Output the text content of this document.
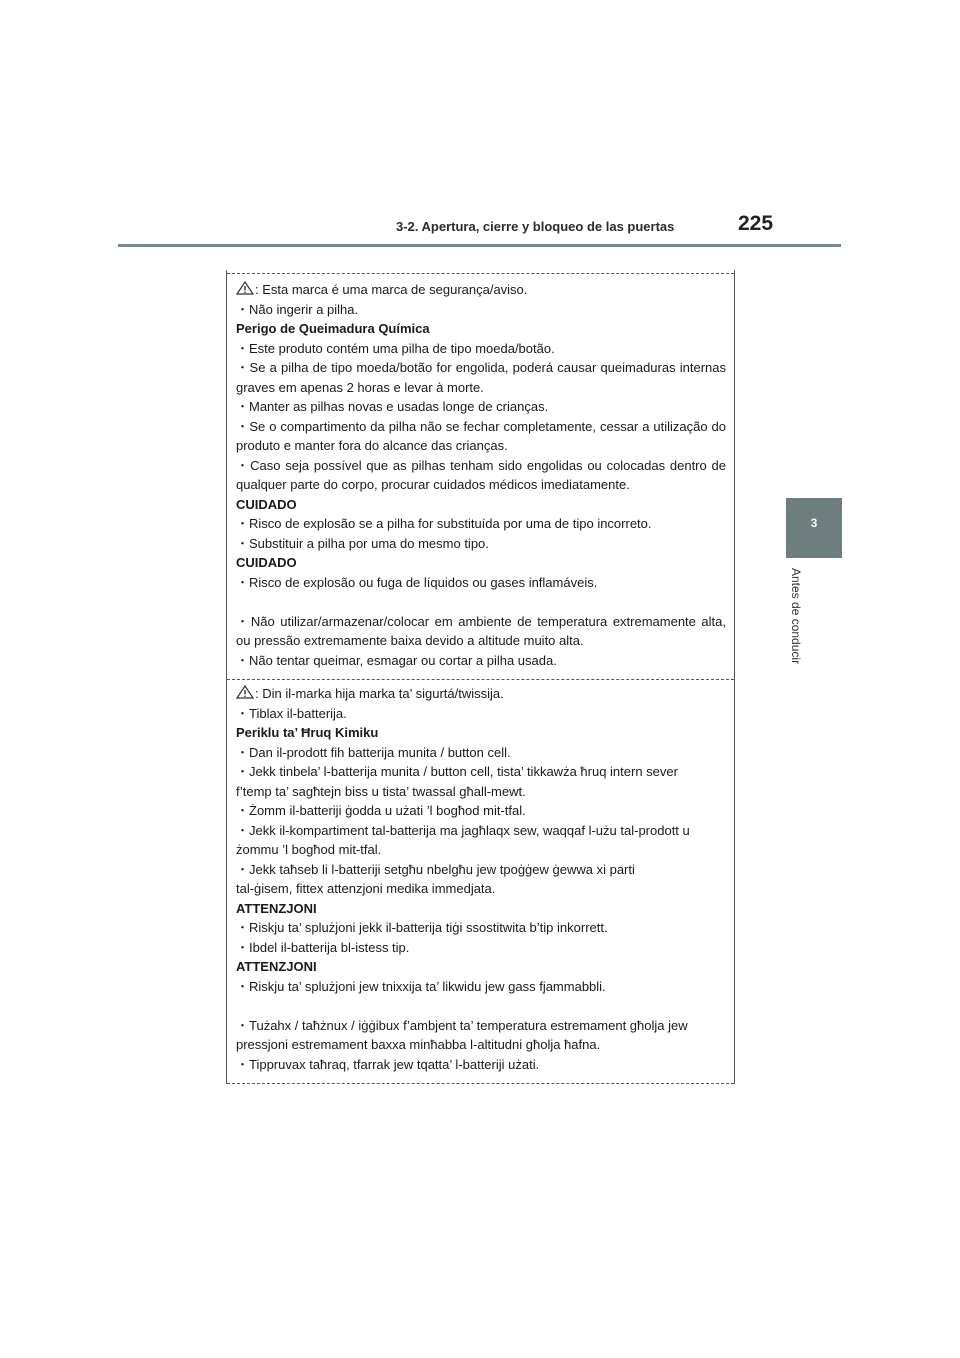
3-2. Apertura, cierre y bloqueo de las puertas	225
3
Antes de conducir

: Esta marca é uma marca de segurança/aviso.

・Não ingerir a pilha.

Perigo de Queimadura Química

・Este produto contém uma pilha de tipo moeda/botão.

・Se a pilha de tipo moeda/botão for engolida, poderá causar queimaduras internas graves em apenas 2 horas e levar à morte.

・Manter as pilhas novas e usadas longe de crianças.

・Se o compartimento da pilha não se fechar completamente, cessar a utilização do produto e manter fora do alcance das crianças.

・Caso seja possível que as pilhas tenham sido engolidas ou colocadas dentro de qualquer parte do corpo, procurar cuidados médicos imediatamente.

CUIDADO

・Risco de explosão se a pilha for substituída por uma de tipo incorreto.

・Substituir a pilha por uma do mesmo tipo.

CUIDADO

・Risco de explosão ou fuga de líquidos ou gases inflamáveis.

・Não utilizar/armazenar/colocar em ambiente de temperatura extremamente alta, ou pressão extremamente baixa devido a altitude muito alta.

・Não tentar queimar, esmagar ou cortar a pilha usada.

: Din il-marka hija marka ta’ sigurtá/twissija.

・Tiblax il-batterija.

Periklu ta’ Ħruq Kimiku

・Dan il-prodott fih batterija munita / button cell.

・Jekk tinbela’ l-batterija munita / button cell, tista’ tikkawża ħruq intern sever

f’temp ta’ sagħtejn biss u tista’ twassal għall-mewt.

・Żomm il-batteriji ġodda u użati ’l bogħod mit-tfal.

・Jekk il-kompartiment tal-batterija ma jagħlaqx sew, waqqaf l-użu tal-prodott u

żommu ’l bogħod mit-tfal.

・Jekk taħseb li l-batteriji setgħu nbelgħu jew tpoġġew ġewwa xi parti

tal-ġisem, fittex attenzjoni medika immedjata.

ATTENZJONI

・Riskju ta’ splużjoni jekk il-batterija tiġi ssostitwita b’tip inkorrett.

・Ibdel il-batterija bl-istess tip.

ATTENZJONI

・Riskju ta’ splużjoni jew tnixxija ta’ likwidu jew gass fjammabbli.

・Tużahx / taħżnux / iġġibux f’ambjent ta’ temperatura estremament għolja jew

pressjoni estremament baxxa minħabba l-altitudni għolja ħafna.

・Tippruvax taħraq, tfarrak jew tqatta’ l-batteriji użati.
